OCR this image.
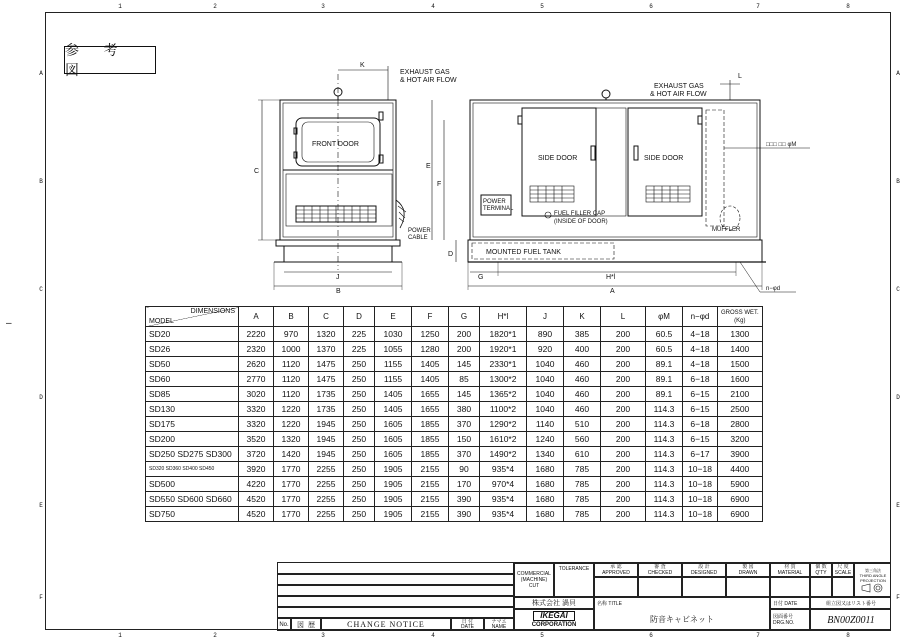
1	2	3	4	5	6	7	8
1	2	3	4	5	6	7	8
A
B
C
D
E
F
A
B
C
D
E
F
–
参 考 図	K
EXHAUST GAS
& HOT AIR FLOW
FRONT DOOR
C
J
B
POWER
CABLE
E
F
D
L
EXHAUST GAS
& HOT AIR FLOW
SIDE DOOR	SIDE DOOR
POWER
TERMINAL
FUEL FILLER CAP
(INSIDE OF DOOR)
MOUNTED FUEL TANK
MUFFLER
□□□ □□ φM
G	H*l
A	n−φd
DIMENSIONS
MODEL	A	B	C	D	E	F	G	H*l	J	K	L	φM	n−φd	GROSS WET.
(Kg)
SD20	2220	970	1320	225	1030	1250	200	1820*1	890	385	200	60.5	4−18	1300
SD26	2320	1000	1370	225	1055	1280	200	1920*1	920	400	200	60.5	4−18	1400
SD50	2620	1120	1475	250	1155	1405	145	2330*1	1040	460	200	89.1	4−18	1500
SD60	2770	1120	1475	250	1155	1405	85	1300*2	1040	460	200	89.1	6−18	1600
SD85	3020	1120	1735	250	1405	1655	145	1365*2	1040	460	200	89.1	6−15	2100
SD130	3320	1220	1735	250	1405	1655	380	1100*2	1040	460	200	114.3	6−15	2500
SD175	3320	1220	1945	250	1605	1855	370	1290*2	1140	510	200	114.3	6−18	2800
SD200	3520	1320	1945	250	1605	1855	150	1610*2	1240	560	200	114.3	6−15	3200
SD250 SD275 SD300	3720	1420	1945	250	1605	1855	370	1490*2	1340	610	200	114.3	6−17	3900
SD320 SD360 SD400 SD450	3920	1770	2255	250	1905	2155	90	935*4	1680	785	200	114.3	10−18	4400
SD500	4220	1770	2255	250	1905	2155	170	970*4	1680	785	200	114.3	10−18	5900
SD550 SD600 SD660	4520	1770	2255	250	1905	2155	390	935*4	1680	785	200	114.3	10−18	6900
SD750	4520	1770	2255	250	1905	2155	390	935*4	1680	785	200	114.3	10−18	6900
No.	図
歴	CHANGE NOTICE	日 付
DATE
ナマエ
NAME
COMMERCIAL
(MACHINE)
CUT
TOLERANCE
株式会社 渦貝
IKEGAI
CORPORATION
承 認
APPROVED
審 査
CHECKED
設 計
DESIGNED
製 図
DRAWN
材 質
MATERIAL
個 数
Q'TY
尺 度
SCALE	第三角法
THIRD ANGLE
PROJECTION
名称 TITLE
防音キャビネット
日付 DATE	組立図又はリスト番号
図面番号
DRG.NO.	BN00Z0011
